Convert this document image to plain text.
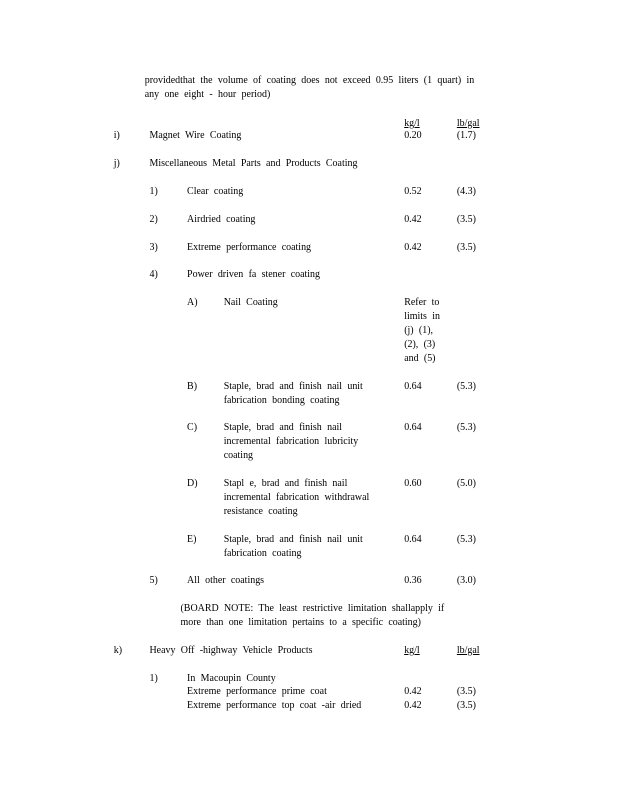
providedthat the volume of coating does not exceed 0.95 liters (1 quart) in
any one eight - hour period)
kg/l	lb/gal
i)	Magnet Wire Coating	0.20	(1.7)
j)	Miscellaneous Metal Parts and Products Coating
1)	Clear coating	0.52	(4.3)
2)	Airdried coating	0.42	(3.5)
3)	Extreme performance coating	0.42	(3.5)
4)	Power driven fa stener coating
A) Nail Coating	Refer to
limits in
(j) (1),
(2), (3)
and (5)
B)	Staple, brad and finish nail unit
fabrication bonding coating
0.64	(5.3)
C)	Staple, brad and finish nail
incremental fabrication lubricity
coating
0.64	(5.3)
D) Stapl e, brad and finish nail
incremental fabrication withdrawal
resistance coating
0.60	(5.0)
E)	Staple, brad and finish nail unit
fabrication coating
0.64	(5.3)
5)	All other coatings	0.36	(3.0)
(BOARD NOTE: The least restrictive limitation shallapply if
more than one limitation pertains to a specific coating)
k)	Heavy Off -highway Vehicle Products	kg/l	lb/gal
1)	In Macoupin County
Extreme performance prime coat	0.42	(3.5)
Extreme performance top coat -air dried	0.42	(3.5)
